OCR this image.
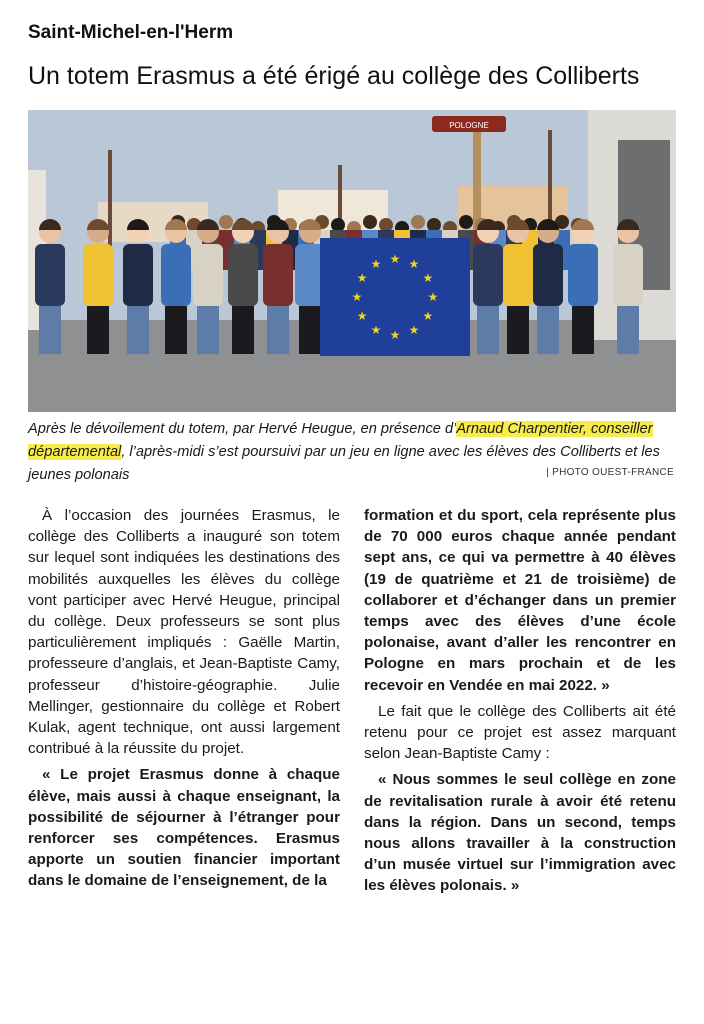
Saint-Michel-en-l'Herm
Un totem Erasmus a été érigé au collège des Colliberts
POLOGNE
★ ★
★
★
★
★
★
★
★
★
★
★
Après le dévoilement du totem, par Hervé Heugue, en présence d’Arnaud Charpentier, conseiller départemental, l’après-midi s’est poursuivi par un jeu en ligne avec les élèves des Colliberts et les jeunes polonais	| PHOTO OUEST-FRANCE

À l’occasion des journées Erasmus, le collège des Colliberts a inauguré son totem sur lequel sont indiquées les destinations des mobilités auxquelles les élèves du collège vont participer avec Hervé Heugue, principal du collège. Deux professeurs se sont plus particulièrement impliqués : Gaëlle Martin, professeure d’anglais, et Jean-Baptiste Camy, professeur d’histoire-géographie. Julie Mellinger, gestionnaire du collège et Robert Kulak, agent technique, ont aussi largement contribué à la réussite du projet.

« Le projet Erasmus donne à chaque élève, mais aussi à chaque enseignant, la possibilité de séjourner à l’étranger pour renforcer ses compétences. Erasmus apporte un soutien financier important dans le domaine de l’enseignement, de la

formation et du sport, cela représente plus de 70 000 euros chaque année pendant sept ans, ce qui va permettre à 40 élèves (19 de quatrième et 21 de troisième) de collaborer et d’échanger dans un premier temps avec des élèves d’une école polonaise, avant d’aller les rencontrer en Pologne en mars prochain et de les recevoir en Vendée en mai 2022. »

Le fait que le collège des Colliberts ait été retenu pour ce projet est assez marquant selon Jean-Baptiste Camy :

« Nous sommes le seul collège en zone de revitalisation rurale à avoir été retenu dans la région. Dans un second, temps nous allons travailler à la construction d’un musée virtuel sur l’immigration avec les élèves polonais. »
